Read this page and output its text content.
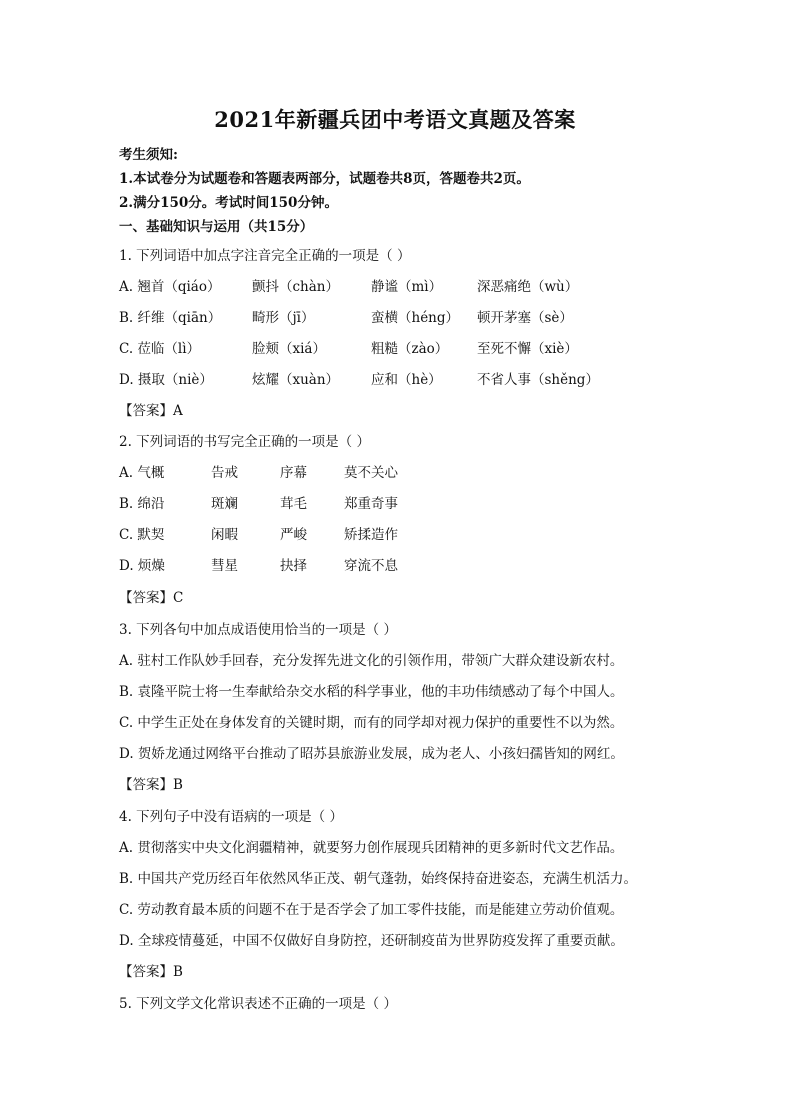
2021年新疆兵团中考语文真题及答案
考生须知:
1.本试卷分为试题卷和答题表两部分，试题卷共8页，答题卷共2页。
2.满分150分。考试时间150分钟。
一、基础知识与运用（共15分）
1. 下列词语中加点字注音完全正确的一项是（ ）
A. 翘首（qiáo） 颤抖（chàn） 静谧（mì）	深恶痛绝（wù）
B. 纤维（qiān） 畸形（jī）	蛮横（héng） 顿开茅塞（sè）
C. 莅临（lì）	脸颊（xiá）	粗糙（zào） 至死不懈（xiè）
D. 摄取（niè）	炫耀（xuàn） 应和（hè）	不省人事（shěng）
【答案】A
2. 下列词语的书写完全正确的一项是（ ）
A. 气概	告戒	序幕	莫不关心
B. 绵沿	斑斓	茸毛	郑重奇事
C. 默契	闲暇	严峻	矫揉造作
D. 烦燥	彗星	抉择	穿流不息
【答案】C
3. 下列各句中加点成语使用恰当的一项是（ ）
A. 驻村工作队妙手回春，充分发挥先进文化的引领作用，带领广大群众建设新农村。
B. 袁隆平院士将一生奉献给杂交水稻的科学事业，他的丰功伟绩感动了每个中国人。
C. 中学生正处在身体发育的关键时期，而有的同学却对视力保护的重要性不以为然。
D. 贺娇龙通过网络平台推动了昭苏县旅游业发展，成为老人、小孩妇孺皆知的网红。
【答案】B
4. 下列句子中没有语病的一项是（ ）
A. 贯彻落实中央文化润疆精神，就要努力创作展现兵团精神的更多新时代文艺作品。
B. 中国共产党历经百年依然风华正茂、朝气蓬勃，始终保持奋进姿态，充满生机活力。
C. 劳动教育最本质的问题不在于是否学会了加工零件技能，而是能建立劳动价值观。
D. 全球疫情蔓延，中国不仅做好自身防控，还研制疫苗为世界防疫发挥了重要贡献。
【答案】B
5. 下列文学文化常识表述不正确的一项是（ ）
